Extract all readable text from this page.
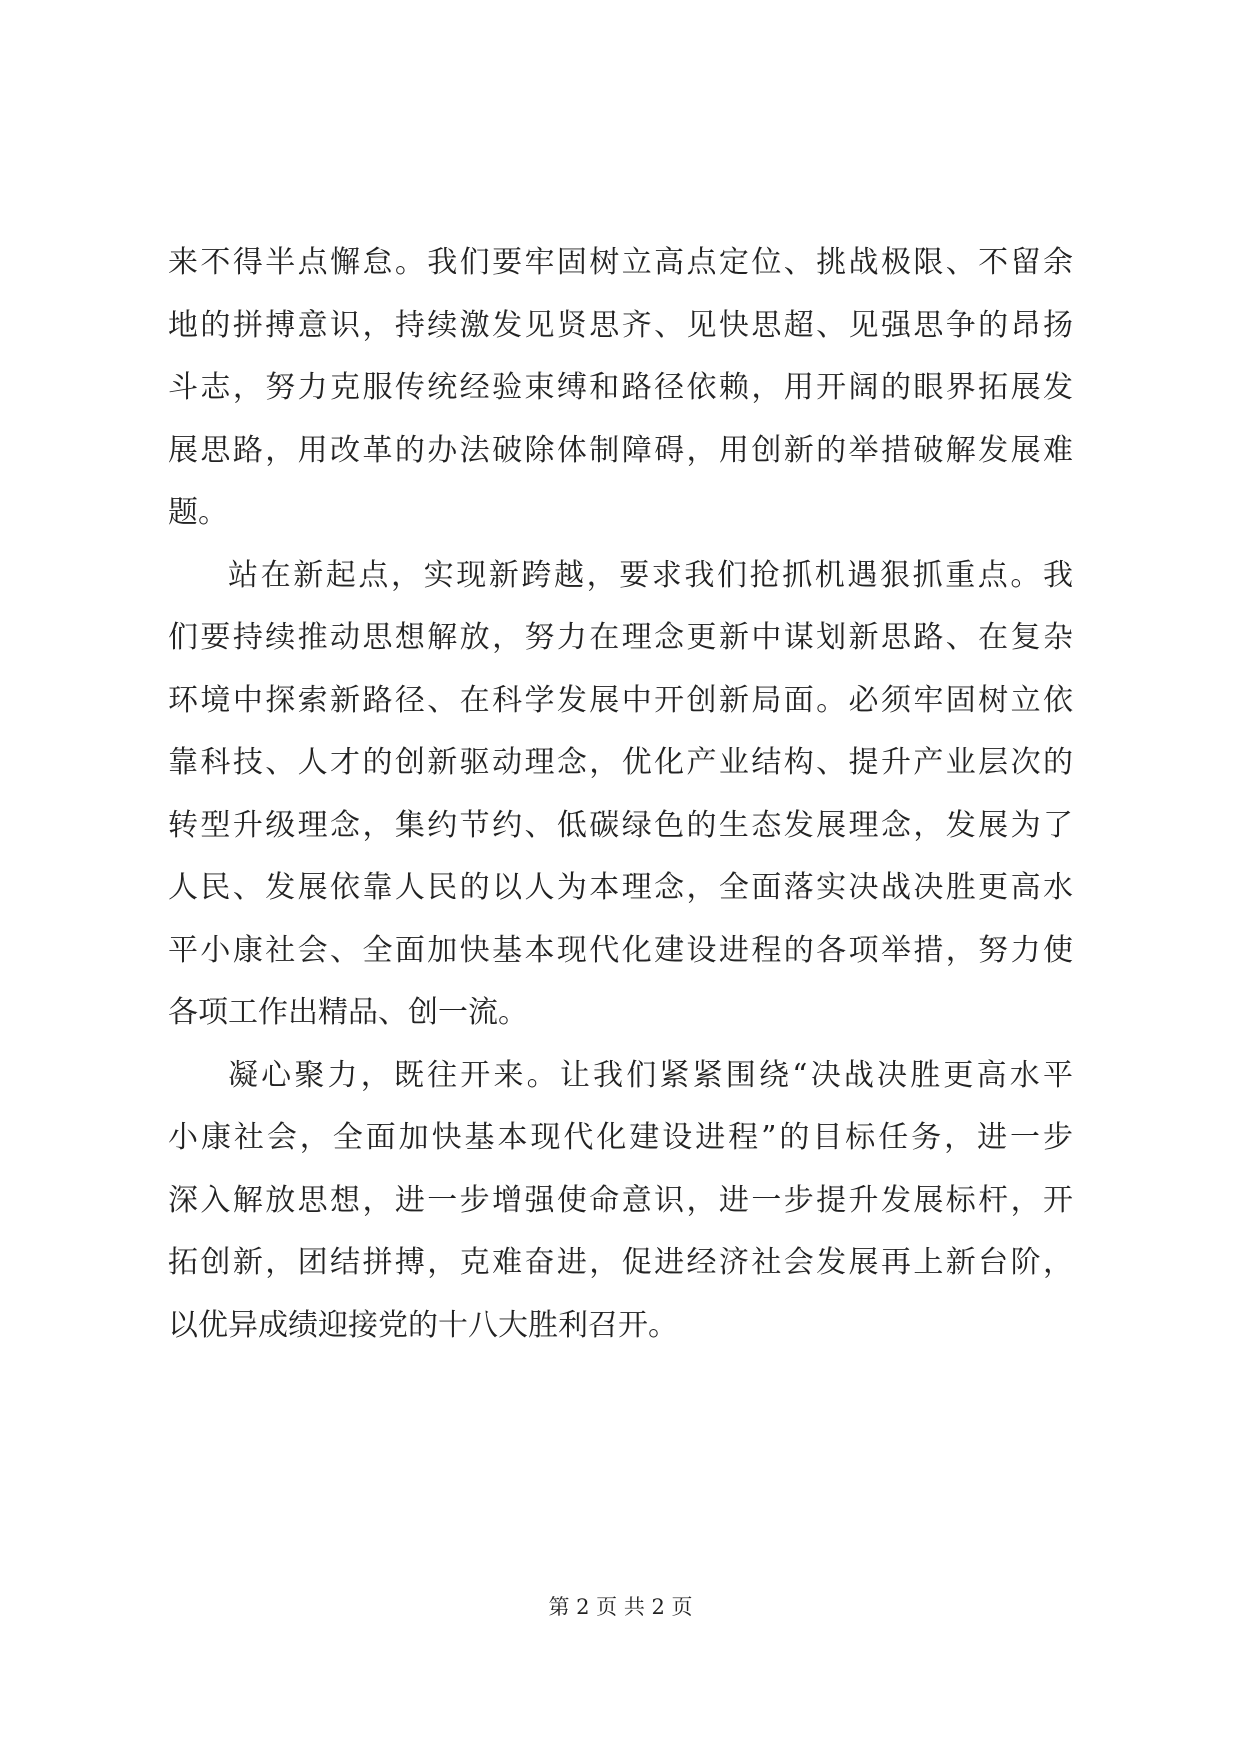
来不得半点懈怠。我们要牢固树立高点定位、挑战极限、不留余
地的拼搏意识，持续激发见贤思齐、见快思超、见强思争的昂扬
斗志，努力克服传统经验束缚和路径依赖，用开阔的眼界拓展发
展思路，用改革的办法破除体制障碍，用创新的举措破解发展难
题。
站在新起点，实现新跨越，要求我们抢抓机遇狠抓重点。我
们要持续推动思想解放，努力在理念更新中谋划新思路、在复杂
环境中探索新路径、在科学发展中开创新局面。必须牢固树立依
靠科技、人才的创新驱动理念，优化产业结构、提升产业层次的
转型升级理念，集约节约、低碳绿色的生态发展理念，发展为了
人民、发展依靠人民的以人为本理念，全面落实决战决胜更高水
平小康社会、全面加快基本现代化建设进程的各项举措，努力使
各项工作出精品、创一流。
凝心聚力，既往开来。让我们紧紧围绕“决战决胜更高水平
小康社会，全面加快基本现代化建设进程”的目标任务，进一步
深入解放思想，进一步增强使命意识，进一步提升发展标杆，开
拓创新，团结拼搏，克难奋进，促进经济社会发展再上新台阶，
以优异成绩迎接党的十八大胜利召开。
第 2 页 共 2 页
